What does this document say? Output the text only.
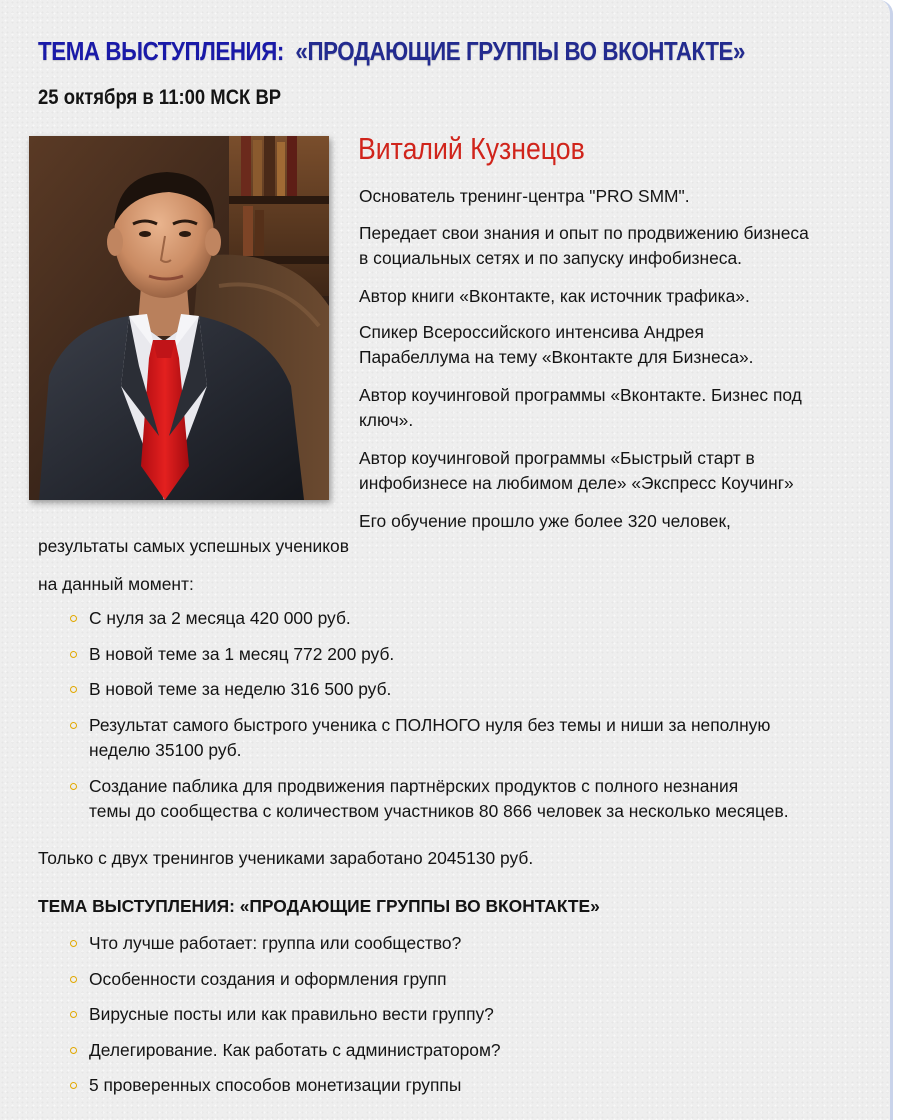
ТЕМА ВЫСТУПЛЕНИЯ: «ПРОДАЮЩИЕ ГРУППЫ ВО ВКОНТАКТЕ»

25 октября в 11:00 МСК ВР

Виталий Кузнецов

Основатель тренинг-центра "PRO SMM".

Передает свои знания и опыт по продвижению бизнеса

в социальных сетях и по запуску инфобизнеса.

Автор книги «Вконтакте, как источник трафика».

Спикер Всероссийского интенсива Андрея

Парабеллума на тему «Вконтакте для Бизнеса».

Автор коучинговой программы «Вконтакте. Бизнес под

ключ».

Автор коучинговой программы «Быстрый старт в

инфобизнесе на любимом деле» «Экспресс Коучинг»

Его обучение прошло уже более 320 человек,

результаты самых успешных учеников

на данный момент:

С нуля за 2 месяца 420 000 руб.
В новой теме за 1 месяц 772 200 руб.
В новой теме за неделю 316 500 руб.
Результат самого быстрого ученика с ПОЛНОГО нуля без темы и ниши за неполную
неделю 35100 руб.
Создание паблика для продвижения партнёрских продуктов с полного незнания
темы до сообщества с количеством участников 80 866 человек за несколько месяцев.

Только с двух тренингов учениками заработано 2045130 руб.

ТЕМА ВЫСТУПЛЕНИЯ: «ПРОДАЮЩИЕ ГРУППЫ ВО ВКОНТАКТЕ»
Что лучше работает: группа или сообщество?
Особенности создания и оформления групп
Вирусные посты или как правильно вести группу?
Делегирование. Как работать с администратором?
5 проверенных способов монетизации группы
